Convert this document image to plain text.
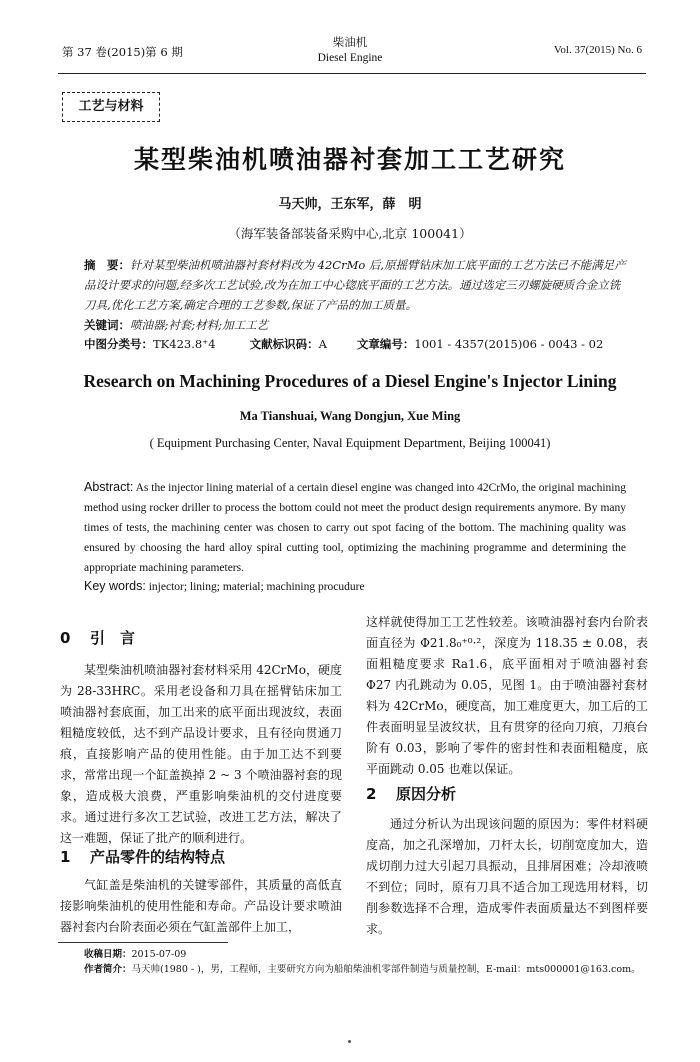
第 37 卷(2015)第 6 期
柴油机
Diesel Engine
Vol. 37(2015) No. 6
工艺与材料
某型柴油机喷油器衬套加工工艺研究
马天帅，王东军，薛　明
（海军装备部装备采购中心,北京 100041）
摘　要：针对某型柴油机喷油器衬套材料改为 42CrMo 后,原摇臂钻床加工底平面的工艺方法已不能满足产品设计要求的问题,经多次工艺试验,改为在加工中心锪底平面的工艺方法。通过选定三刃螺旋硬质合金立铣刀具,优化工艺方案,确定合理的工艺参数,保证了产品的加工质量。
关键词：喷油器;衬套;材料;加工工艺
中图分类号：TK423.8⁺4	文献标识码：A	文章编号：1001 - 4357(2015)06 - 0043 - 02
Research on Machining Procedures of a Diesel Engine's Injector Lining
Ma Tianshuai, Wang Dongjun, Xue Ming
( Equipment Purchasing Center, Naval Equipment Department, Beijing 100041)
Abstract: As the injector lining material of a certain diesel engine was changed into 42CrMo, the original machining method using rocker driller to process the bottom could not meet the product design requirements anymore. By many times of tests, the machining center was chosen to carry out spot facing of the bottom. The machining quality was ensured by choosing the hard alloy spiral cutting tool, optimizing the machining programme and determining the appropriate machining parameters.
Key words: injector; lining; material; machining procudure
0 引　言

某型柴油机喷油器衬套材料采用 42CrMo，硬度为 28-33HRC。采用老设备和刀具在摇臂钻床加工喷油器衬套底面，加工出来的底平面出现波纹，表面粗糙度较低，达不到产品设计要求，且有径向贯通刀痕，直接影响产品的使用性能。由于加工达不到要求，常常出现一个缸盖换掉 2 ~ 3 个喷油器衬套的现象，造成极大浪费，严重影响柴油机的交付进度要求。通过进行多次工艺试验，改进工艺方法，解决了这一难题，保证了批产的顺利进行。

1 产品零件的结构特点

气缸盖是柴油机的关键零部件，其质量的高低直接影响柴油机的使用性能和寿命。产品设计要求喷油器衬套内台阶表面必须在气缸盖部件上加工，

这样就使得加工工艺性较差。该喷油器衬套内台阶表面直径为 Φ21.8₀⁺⁰·²，深度为 118.35 ± 0.08，表面粗糙度要求 Ra1.6，底平面相对于喷油器衬套 Φ27 内孔跳动为 0.05，见图 1。由于喷油器衬套材料为 42CrMo，硬度高，加工难度更大，加工后的工件表面明显呈波纹状，且有贯穿的径向刀痕，刀痕台阶有 0.03，影响了零件的密封性和表面粗糙度，底平面跳动 0.05 也难以保证。

2 原因分析

通过分析认为出现该问题的原因为：零件材料硬度高，加之孔深增加，刀杆太长，切削宽度加大，造成切削力过大引起刀具振动，且排屑困难；冷却液喷不到位；同时，原有刀具不适合加工现选用材料，切削参数选择不合理，造成零件表面质量达不到图样要求。

收稿日期：2015-07-09
作者简介：马天帅(1980 - )，男，工程师，主要研究方向为船舶柴油机零部件制造与质量控制，E-mail：mts000001@163.com。
